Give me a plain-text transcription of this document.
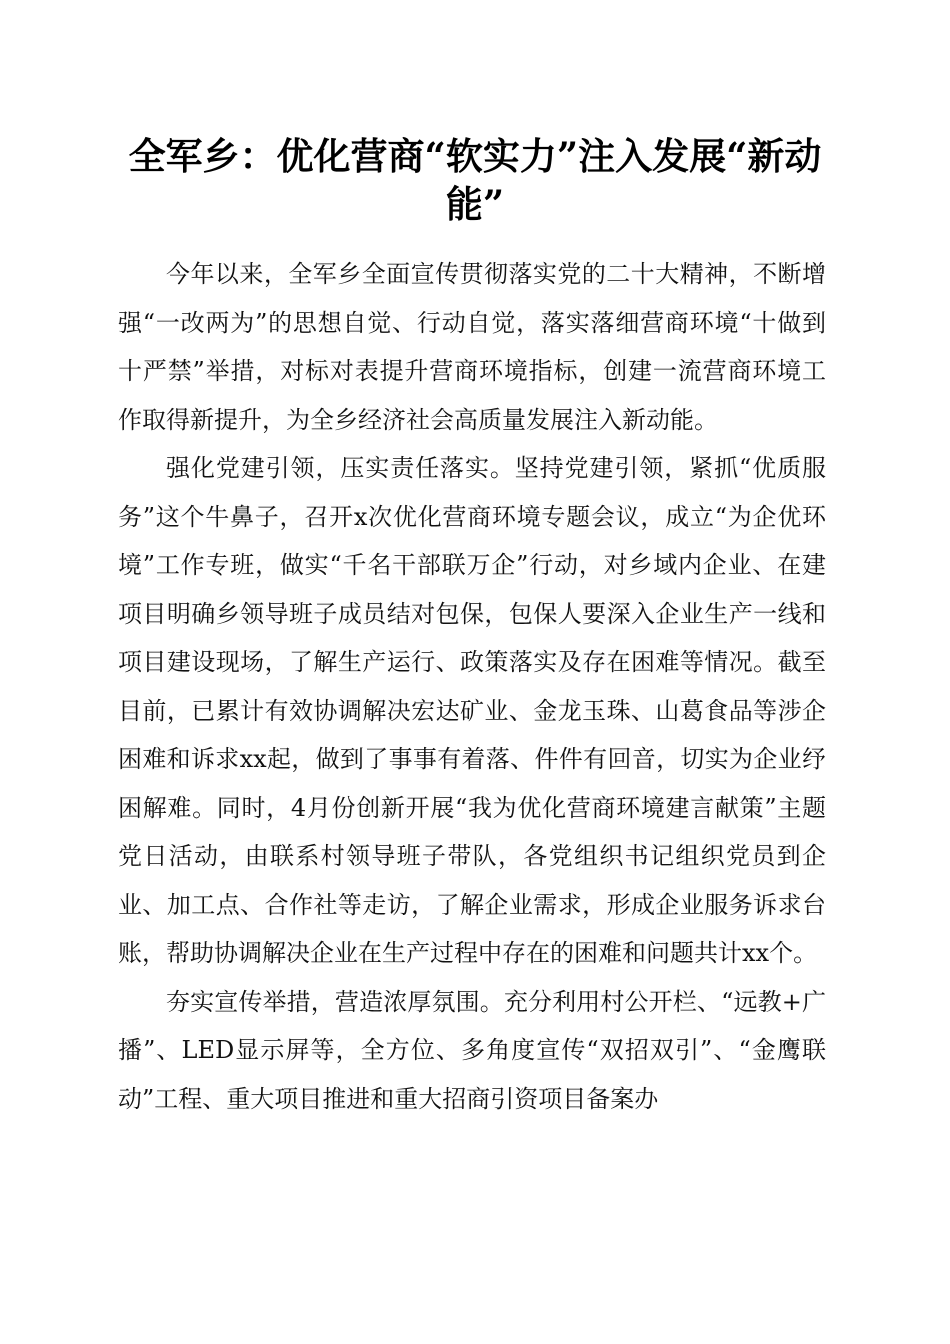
全军乡：优化营商“软实力”注入发展“新动能”

今年以来，全军乡全面宣传贯彻落实党的二十大精神，不断增强“一改两为”的思想自觉、行动自觉，落实落细营商环境“十做到十严禁”举措，对标对表提升营商环境指标，创建一流营商环境工作取得新提升，为全乡经济社会高质量发展注入新动能。

强化党建引领，压实责任落实。坚持党建引领，紧抓“优质服务”这个牛鼻子，召开x次优化营商环境专题会议，成立“为企优环境”工作专班，做实“千名干部联万企”行动，对乡域内企业、在建项目明确乡领导班子成员结对包保，包保人要深入企业生产一线和项目建设现场，了解生产运行、政策落实及存在困难等情况。截至目前，已累计有效协调解决宏达矿业、金龙玉珠、山葛食品等涉企困难和诉求xx起，做到了事事有着落、件件有回音，切实为企业纾困解难。同时，4月份创新开展“我为优化营商环境建言献策”主题党日活动，由联系村领导班子带队，各党组织书记组织党员到企业、加工点、合作社等走访，了解企业需求，形成企业服务诉求台账，帮助协调解决企业在生产过程中存在的困难和问题共计xx个。

夯实宣传举措，营造浓厚氛围。充分利用村公开栏、“远教+广播”、LED显示屏等，全方位、多角度宣传“双招双引”、“金鹰联动”工程、重大项目推进和重大招商引资项目备案办
